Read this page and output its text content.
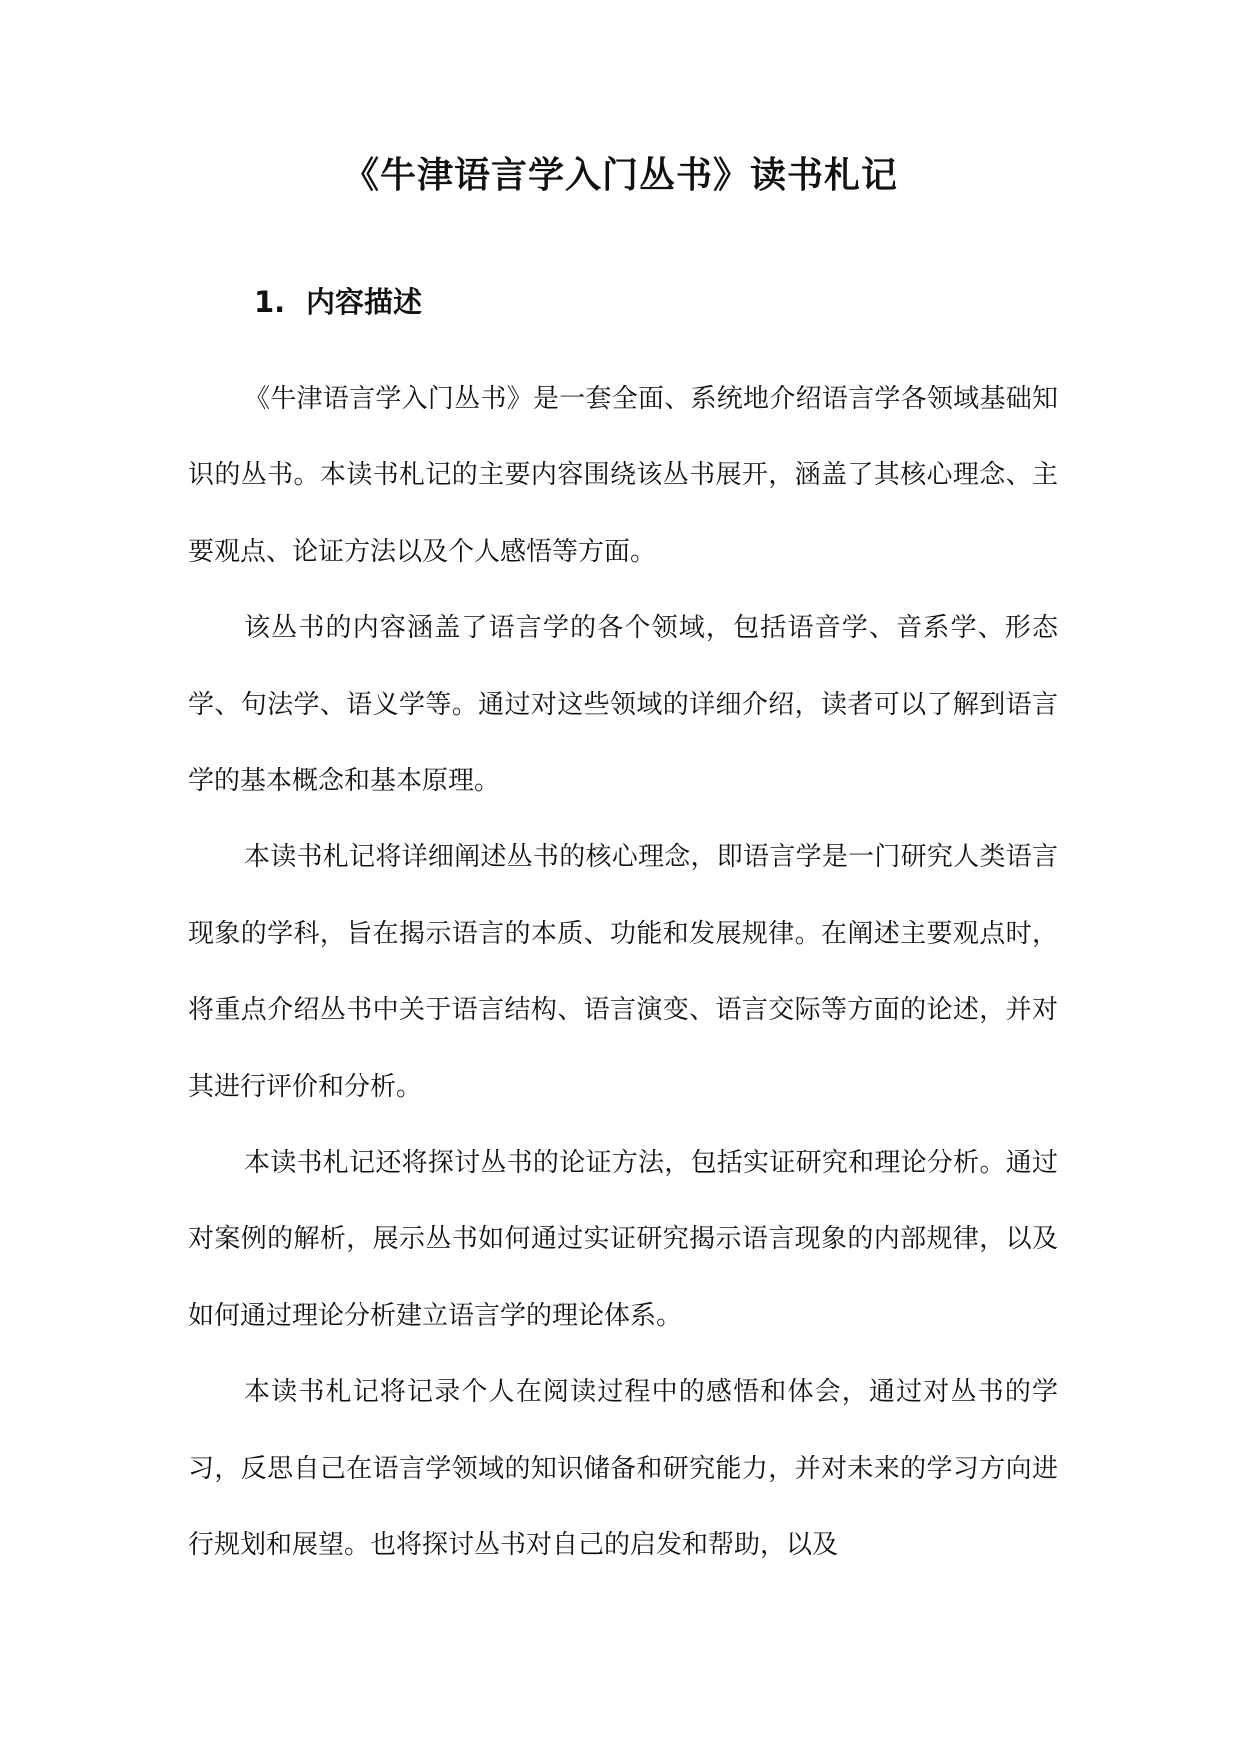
《牛津语言学入门丛书》读书札记
1. 内容描述

《牛津语言学入门丛书》是一套全面、系统地介绍语言学各领域基础知识的丛书。本读书札记的主要内容围绕该丛书展开，涵盖了其核心理念、主要观点、论证方法以及个人感悟等方面。

该丛书的内容涵盖了语言学的各个领域，包括语音学、音系学、形态学、句法学、语义学等。通过对这些领域的详细介绍，读者可以了解到语言学的基本概念和基本原理。

本读书札记将详细阐述丛书的核心理念，即语言学是一门研究人类语言现象的学科，旨在揭示语言的本质、功能和发展规律。在阐述主要观点时，将重点介绍丛书中关于语言结构、语言演变、语言交际等方面的论述，并对其进行评价和分析。

本读书札记还将探讨丛书的论证方法，包括实证研究和理论分析。通过对案例的解析，展示丛书如何通过实证研究揭示语言现象的内部规律，以及如何通过理论分析建立语言学的理论体系。

本读书札记将记录个人在阅读过程中的感悟和体会，通过对丛书的学习，反思自己在语言学领域的知识储备和研究能力，并对未来的学习方向进行规划和展望。也将探讨丛书对自己的启发和帮助，以及
